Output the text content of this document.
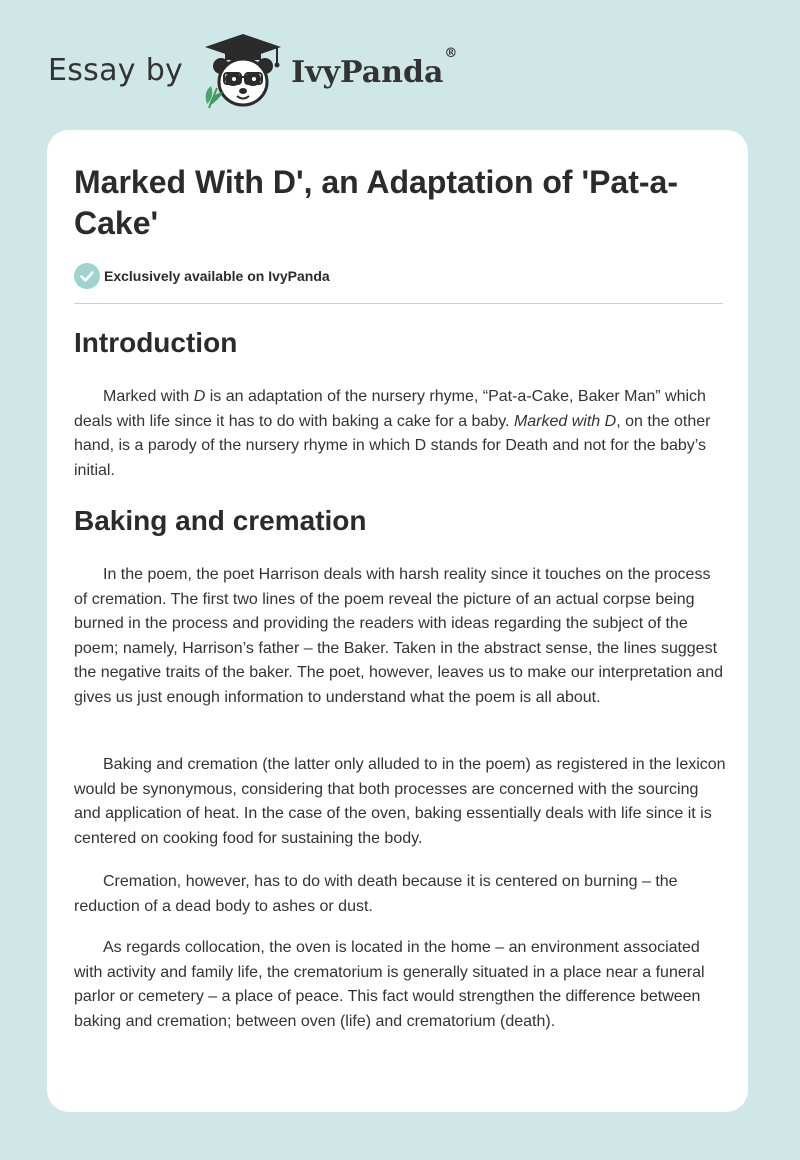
Essay by	IvyPanda®
Marked With D', an Adaptation of 'Pat-a-Cake'
Exclusively available on IvyPanda
Introduction

Marked with D is an adaptation of the nursery rhyme, “Pat-a-Cake, Baker Man” which deals with life since it has to do with baking a cake for a baby. Marked with D, on the other hand, is a parody of the nursery rhyme in which D stands for Death and not for the baby’s initial.

Baking and cremation

In the poem, the poet Harrison deals with harsh reality since it touches on the process of cremation. The first two lines of the poem reveal the picture of an actual corpse being burned in the process and providing the readers with ideas regarding the subject of the poem; namely, Harrison’s father – the Baker. Taken in the abstract sense, the lines suggest the negative traits of the baker. The poet, however, leaves us to make our interpretation and gives us just enough information to understand what the poem is all about.

Baking and cremation (the latter only alluded to in the poem) as registered in the lexicon would be synonymous, considering that both processes are concerned with the sourcing and application of heat. In the case of the oven, baking essentially deals with life since it is centered on cooking food for sustaining the body.

Cremation, however, has to do with death because it is centered on burning – the reduction of a dead body to ashes or dust.

As regards collocation, the oven is located in the home – an environment associated with activity and family life, the crematorium is generally situated in a place near a funeral parlor or cemetery – a place of peace. This fact would strengthen the difference between baking and cremation; between oven (life) and crematorium (death).
